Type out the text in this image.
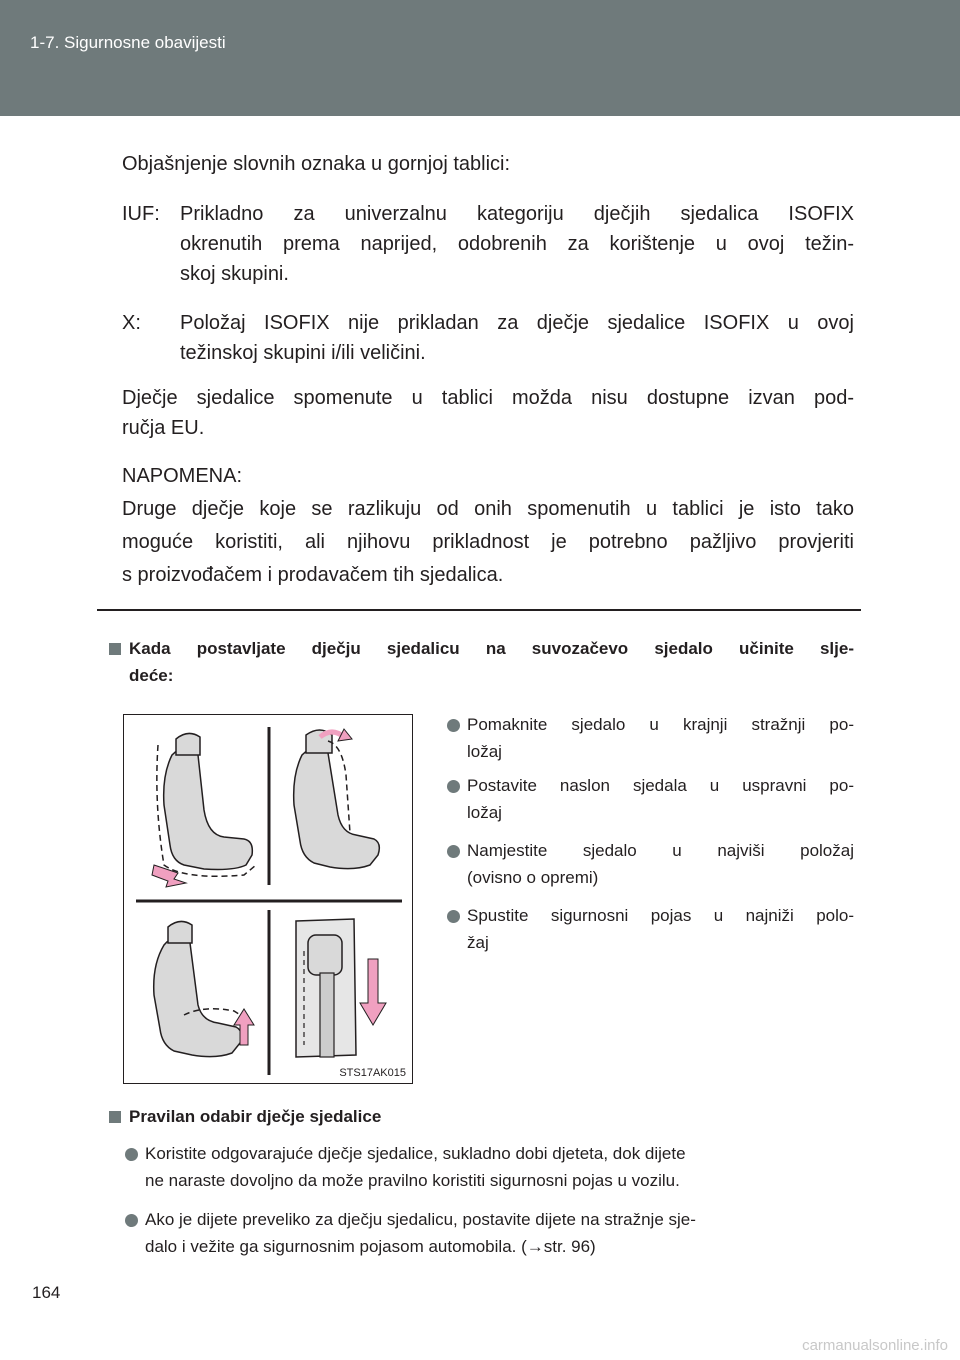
1-7. Sigurnosne obavijesti
Objašnjenje slovnih oznaka u gornjoj tablici:
IUF: Prikladno za univerzalnu kategoriju dječjih sjedalica ISOFIX
okrenutih prema naprijed, odobrenih za korištenje u ovoj težin-
skoj skupini.
X: Položaj ISOFIX nije prikladan za dječje sjedalice ISOFIX u ovoj
težinskoj skupini i/ili veličini.
Dječje sjedalice spomenute u tablici možda nisu dostupne izvan pod-
ručja EU.
NAPOMENA:
Druge dječje koje se razlikuju od onih spomenutih u tablici je isto tako
moguće koristiti, ali njihovu prikladnost je potrebno pažljivo provjeriti
s proizvođačem i prodavačem tih sjedalica.
Kada postavljate dječju sjedalicu na suvozačevo sjedalo učinite slje-
deće:
STS17AK015
Pomaknite sjedalo u krajnji stražnji po-
ložaj
Postavite naslon sjedala u uspravni po-
ložaj
Namjestite sjedalo u najviši položaj
(ovisno o opremi)
Spustite sigurnosni pojas u najniži polo-
žaj
Pravilan odabir dječje sjedalice
Koristite odgovarajuće dječje sjedalice, sukladno dobi djeteta, dok dijete
ne naraste dovoljno da može pravilno koristiti sigurnosni pojas u vozilu.
Ako je dijete preveliko za dječju sjedalicu, postavite dijete na stražnje sje-
dalo i vežite ga sigurnosnim pojasom automobila. (→str. 96)
164
carmanualsonline.info
